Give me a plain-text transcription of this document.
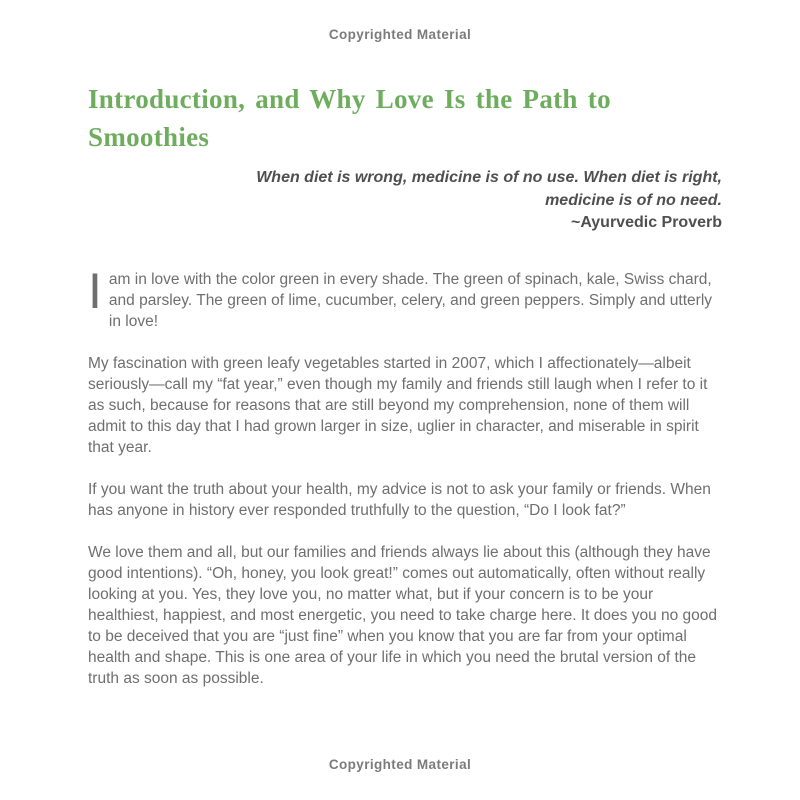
Copyrighted Material
Introduction, and Why Love Is the Path to
Smoothies
When diet is wrong, medicine is of no use. When diet is right,
medicine is of no need.
~Ayurvedic Proverb

I am in love with the color green in every shade. The green of spinach, kale, Swiss chard, and parsley. The green of lime, cucumber, celery, and green peppers. Simply and utterly in love!

My fascination with green leafy vegetables started in 2007, which I affectionately—albeit seriously—call my “fat year,” even though my family and friends still laugh when I refer to it as such, because for reasons that are still beyond my comprehension, none of them will admit to this day that I had grown larger in size, uglier in character, and miserable in spirit that year.

If you want the truth about your health, my advice is not to ask your family or friends. When has anyone in history ever responded truthfully to the question, “Do I look fat?”

We love them and all, but our families and friends always lie about this (although they have good intentions). “Oh, honey, you look great!” comes out automatically, often without really looking at you. Yes, they love you, no matter what, but if your concern is to be your healthiest, happiest, and most energetic, you need to take charge here. It does you no good to be deceived that you are “just fine” when you know that you are far from your optimal health and shape. This is one area of your life in which you need the brutal version of the truth as soon as possible.

Copyrighted Material
